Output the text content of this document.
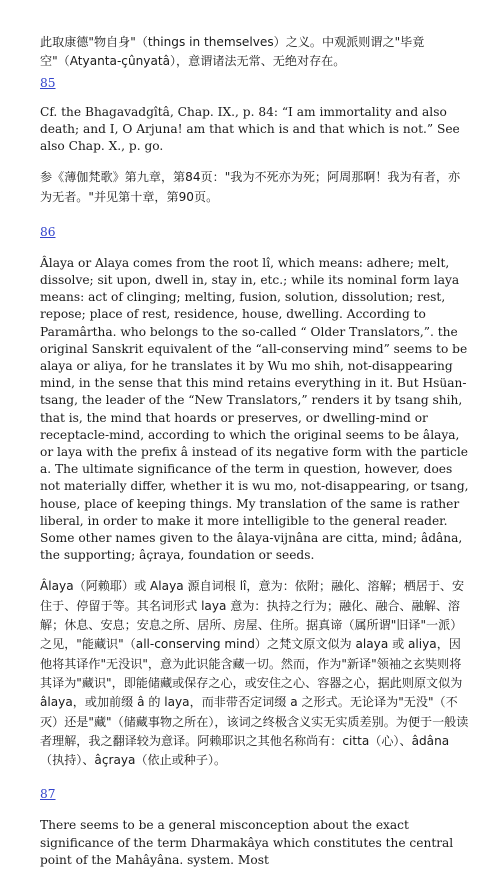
此取康德"物自身"（things in themselves）之义。中观派则谓之"毕竟空"（Atyanta-çûnyatâ），意谓诸法无常、无绝对存在。

85

Cf. the Bhagavadgîtâ, Chap. IX., p. 84: “I am immortality and also death; and I, O Arjuna! am that which is and that which is not.” See also Chap. X., p. go.

参《薄伽梵歌》第九章，第84页："我为不死亦为死；阿周那啊！我为有者，亦为无者。"并见第十章，第90页。

86

Âlaya or Alaya comes from the root lî, which means: adhere; melt, dissolve; sit upon, dwell in, stay in, etc.; while its nominal form laya means: act of clinging; melting, fusion, solution, dissolution; rest, repose; place of rest, residence, house, dwelling. According to Paramârtha. who belongs to the so-called “ Older Translators,”. the original Sanskrit equivalent of the “all-conserving mind” seems to be alaya or aliya, for he translates it by Wu mo shih, not-disappearing mind, in the sense that this mind retains everything in it. But Hsüan-tsang, the leader of the “New Translators,” renders it by tsang shih, that is, the mind that hoards or preserves, or dwelling-mind or receptacle-mind, according to which the original seems to be âlaya, or laya with the prefix â instead of its negative form with the particle a. The ultimate significance of the term in question, however, does not materially differ, whether it is wu mo, not-disappearing, or tsang, house, place of keeping things. My translation of the same is rather liberal, in order to make it more intelligible to the general reader. Some other names given to the âlaya-vijnâna are citta, mind; âdâna, the supporting; âçraya, foundation or seeds.

Âlaya（阿赖耶）或 Alaya 源自词根 lî，意为：依附；融化、溶解；栖居于、安住于、停留于等。其名词形式 laya 意为：执持之行为；融化、融合、融解、溶解；休息、安息；安息之所、居所、房屋、住所。据真谛（属所谓"旧译"一派）之见，"能藏识"（all-conserving mind）之梵文原文似为 alaya 或 aliya，因他将其译作"无没识"，意为此识能含藏一切。然而，作为"新译"领袖之玄奘则将其译为"藏识"，即能储藏或保存之心，或安住之心、容器之心，据此则原文似为 âlaya，或加前缀 â 的 laya，而非带否定词缀 a 之形式。无论译为"无没"（不灭）还是"藏"（储藏事物之所在），该词之终极含义实无实质差别。为便于一般读者理解，我之翻译较为意译。阿赖耶识之其他名称尚有：citta（心）、âdâna（执持）、âçraya（依止或种子）。

87

There seems to be a general misconception about the exact significance of the term Dharmakâya which constitutes the central point of the Mahâyâna. system. Most
